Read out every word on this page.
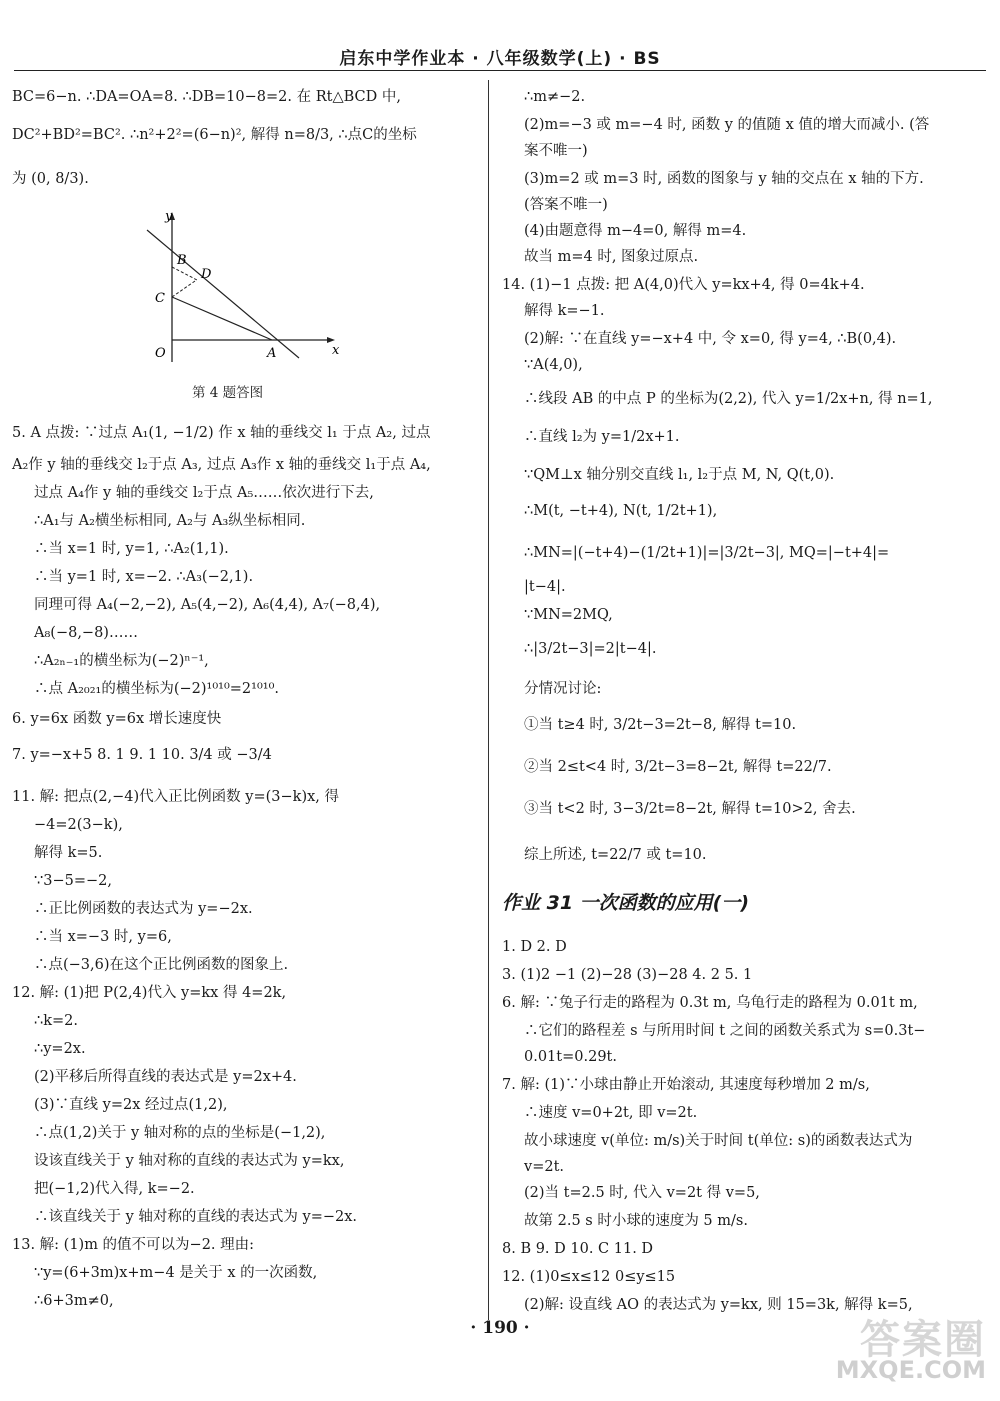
启东中学作业本 · 八年级数学(上) · BS
BC=6−n. ∴DA=OA=8. ∴DB=10−8=2. 在 Rt△BCD 中,
DC²+BD²=BC². ∴n²+2²=(6−n)², 解得 n=8/3, ∴点C的坐标
为 (0, 8/3).
y
x
O	A
B
C
D
第 4 题答图
5. A 点拨: ∵过点 A₁(1, −1/2) 作 x 轴的垂线交 l₁ 于点 A₂, 过点
A₂作 y 轴的垂线交 l₂于点 A₃, 过点 A₃作 x 轴的垂线交 l₁于点 A₄,
过点 A₄作 y 轴的垂线交 l₂于点 A₅……依次进行下去,
∴A₁与 A₂横坐标相同, A₂与 A₃纵坐标相同.
∴当 x=1 时, y=1, ∴A₂(1,1).
∴当 y=1 时, x=−2. ∴A₃(−2,1).
同理可得 A₄(−2,−2), A₅(4,−2), A₆(4,4), A₇(−8,4),
A₈(−8,−8)……
∴A₂ₙ₋₁的横坐标为(−2)ⁿ⁻¹,
∴点 A₂₀₂₁的横坐标为(−2)¹⁰¹⁰=2¹⁰¹⁰.
6. y=6x 函数 y=6x 增长速度快
7. y=−x+5 8. 1 9. 1 10. 3/4 或 −3/4
11. 解: 把点(2,−4)代入正比例函数 y=(3−k)x, 得
−4=2(3−k),
解得 k=5.
∵3−5=−2,
∴正比例函数的表达式为 y=−2x.
∴当 x=−3 时, y=6,
∴点(−3,6)在这个正比例函数的图象上.
12. 解: (1)把 P(2,4)代入 y=kx 得 4=2k,
∴k=2.
∴y=2x.
(2)平移后所得直线的表达式是 y=2x+4.
(3)∵直线 y=2x 经过点(1,2),
∴点(1,2)关于 y 轴对称的点的坐标是(−1,2),
设该直线关于 y 轴对称的直线的表达式为 y=kx,
把(−1,2)代入得, k=−2.
∴该直线关于 y 轴对称的直线的表达式为 y=−2x.
13. 解: (1)m 的值不可以为−2. 理由:
∵y=(6+3m)x+m−4 是关于 x 的一次函数,
∴6+3m≠0,
∴m≠−2.
(2)m=−3 或 m=−4 时, 函数 y 的值随 x 值的增大而减小. (答
案不唯一)
(3)m=2 或 m=3 时, 函数的图象与 y 轴的交点在 x 轴的下方.
(答案不唯一)
(4)由题意得 m−4=0, 解得 m=4.
故当 m=4 时, 图象过原点.
14. (1)−1 点拨: 把 A(4,0)代入 y=kx+4, 得 0=4k+4.
解得 k=−1.
(2)解: ∵在直线 y=−x+4 中, 令 x=0, 得 y=4, ∴B(0,4).
∵A(4,0),
∴线段 AB 的中点 P 的坐标为(2,2), 代入 y=1/2x+n, 得 n=1,
∴直线 l₂为 y=1/2x+1.
∵QM⊥x 轴分别交直线 l₁, l₂于点 M, N, Q(t,0).
∴M(t, −t+4), N(t, 1/2t+1),
∴MN=|(−t+4)−(1/2t+1)|=|3/2t−3|, MQ=|−t+4|=
|t−4|.
∵MN=2MQ,
∴|3/2t−3|=2|t−4|.
分情况讨论:
①当 t≥4 时, 3/2t−3=2t−8, 解得 t=10.
②当 2≤t<4 时, 3/2t−3=8−2t, 解得 t=22/7.
③当 t<2 时, 3−3/2t=8−2t, 解得 t=10>2, 舍去.
综上所述, t=22/7 或 t=10.
作业 31 一次函数的应用(一)
1. D 2. D
3. (1)2 −1 (2)−28 (3)−28 4. 2 5. 1
6. 解: ∵兔子行走的路程为 0.3t m, 乌龟行走的路程为 0.01t m,
∴它们的路程差 s 与所用时间 t 之间的函数关系式为 s=0.3t−
0.01t=0.29t.
7. 解: (1)∵小球由静止开始滚动, 其速度每秒增加 2 m/s,
∴速度 v=0+2t, 即 v=2t.
故小球速度 v(单位: m/s)关于时间 t(单位: s)的函数表达式为
v=2t.
(2)当 t=2.5 时, 代入 v=2t 得 v=5,
故第 2.5 s 时小球的速度为 5 m/s.
8. B 9. D 10. C 11. D
12. (1)0≤x≤12 0≤y≤15
(2)解: 设直线 AO 的表达式为 y=kx, 则 15=3k, 解得 k=5,
· 190 ·	答案圈
MXQE.COM
